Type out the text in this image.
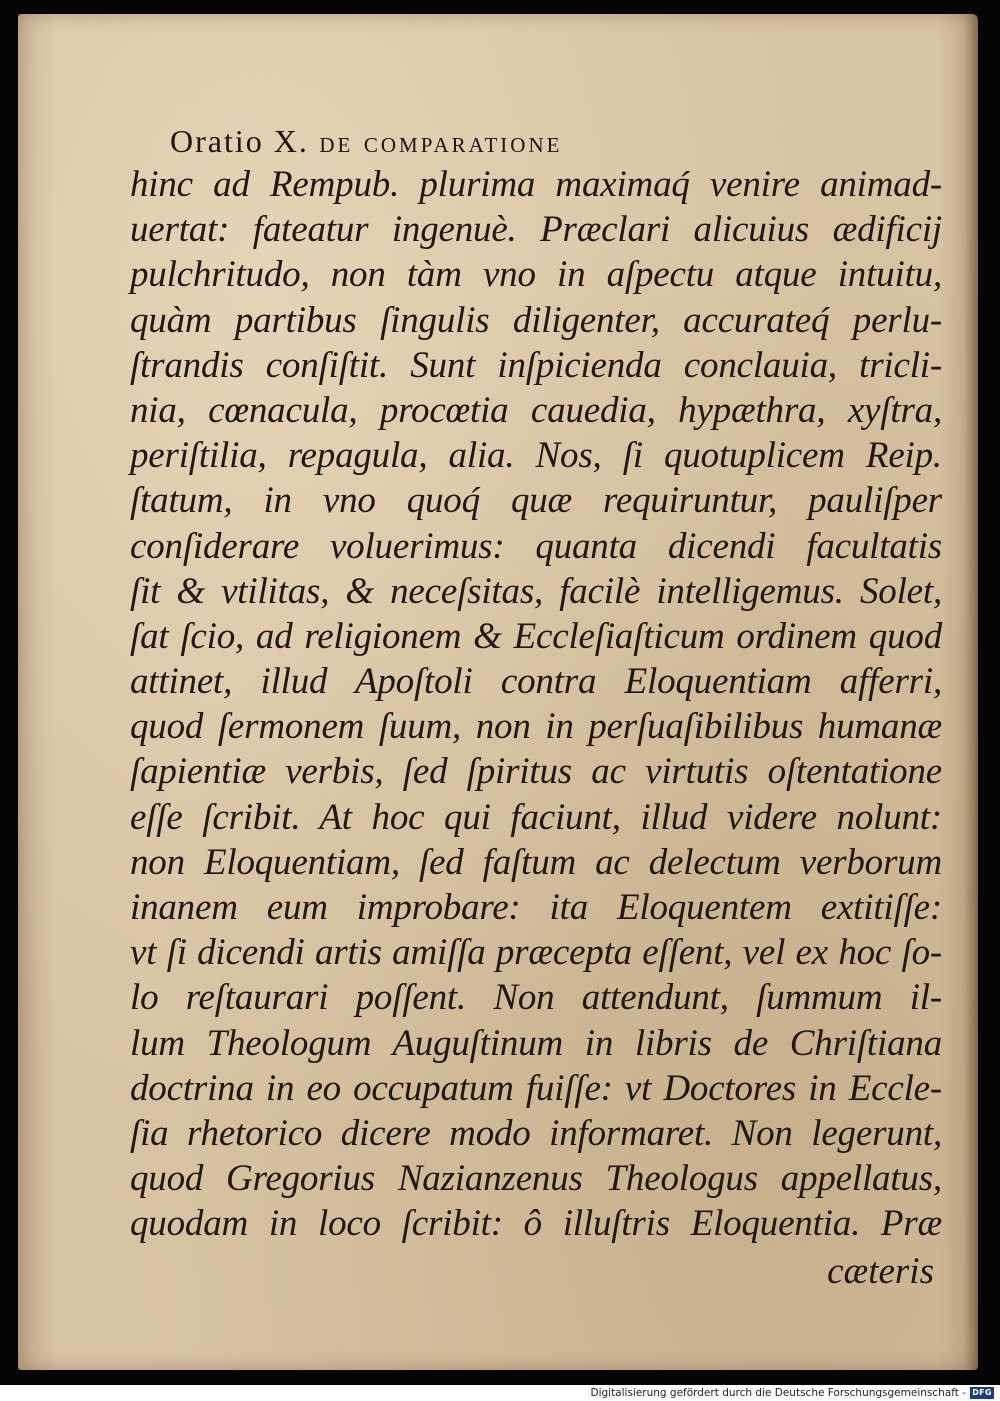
Oratio X. de comparatione
hinc ad Rempub. plurima maximaq́ venire animad-
uertat: fateatur ingenuè. Præclari alicuius ædificij
pulchritudo, non tàm vno in aſpectu atque intuitu,
quàm partibus ſingulis diligenter, accurateq́ perlu-
ſtrandis conſiſtit. Sunt inſpicienda conclauia, tricli-
nia, cœnacula, procœtia cauedia, hypæthra, xyſtra,
periſtilia, repagula, alia. Nos, ſi quotuplicem Reip.
ſtatum, in vno quoq́ quæ requiruntur, pauliſper
conſiderare voluerimus: quanta dicendi facultatis
ſit & vtilitas, & neceſsitas, facilè intelligemus. Solet,
ſat ſcio, ad religionem & Eccleſiaſticum ordinem quod
attinet, illud Apoſtoli contra Eloquentiam afferri,
quod ſermonem ſuum, non in perſuaſibilibus humanæ
ſapientiæ verbis, ſed ſpiritus ac virtutis oſtentatione
eſſe ſcribit. At hoc qui faciunt, illud videre nolunt:
non Eloquentiam, ſed faſtum ac delectum verborum
inanem eum improbare: ita Eloquentem extitiſſe:
vt ſi dicendi artis amiſſa præcepta eſſent, vel ex hoc ſo-
lo reſtaurari poſſent. Non attendunt, ſummum il-
lum Theologum Auguſtinum in libris de Chriſtiana
doctrina in eo occupatum fuiſſe: vt Doctores in Eccle-
ſia rhetorico dicere modo informaret. Non legerunt,
quod Gregorius Nazianzenus Theologus appellatus,
quodam in loco ſcribit: ô illuſtris Eloquentia. Præ
cæteris
Digitalisierung gefördert durch die Deutsche Forschungsgemeinschaft - DFG
